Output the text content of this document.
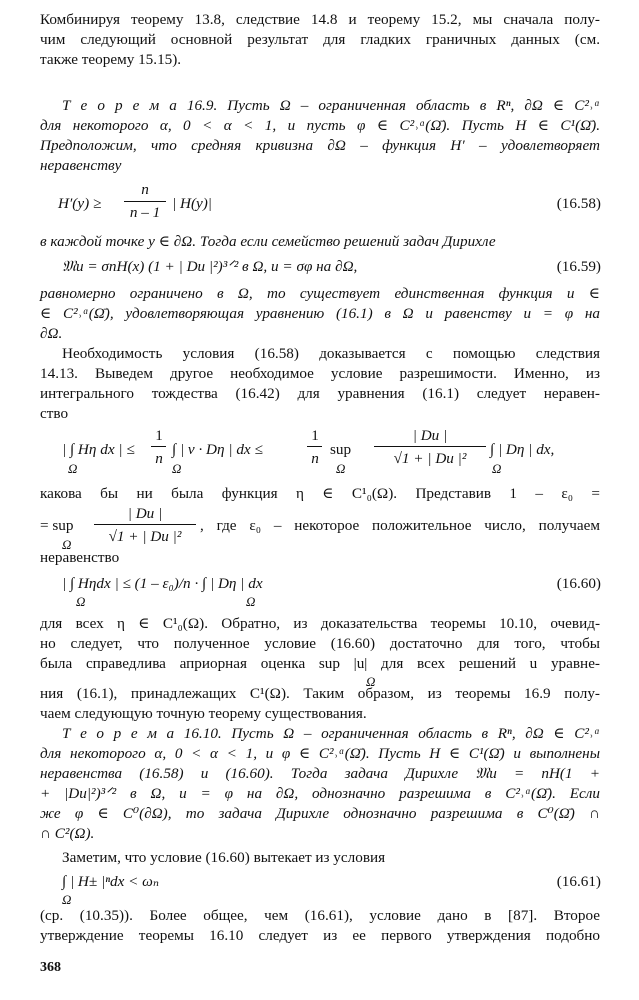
Комбинируя теорему 13.8, следствие 14.8 и теорему 15.2, мы сначала полу-
чим следующий основной результат для гладких граничных данных (см.
также теорему 15.15).
Т е о р е м а 16.9. Пусть Ω – ограниченная область в Rⁿ, ∂Ω ∈ C²˒ᵅ
для некоторого α, 0 < α < 1, и пусть φ ∈ C²˒ᵅ(Ω̄). Пусть H ∈ C¹(Ω̄).
Предположим, что средняя кривизна ∂Ω – функция H′ – удовлетворяет
неравенству
H′(y) ≥
n
n – 1
| H(y)|	(16.58)
в каждой точке y ∈ ∂Ω. Тогда если семейство решений задач Дирихле
𝔐u = σnH(x) (1 + | Du |²)³ᐟ² в Ω, u = σφ на ∂Ω,	(16.59)
равномерно ограничено в Ω, то существует единственная функция u ∈
∈ C²˒ᵅ(Ω̄), удовлетворяющая уравнению (16.1) в Ω и равенству u = φ на
∂Ω.
Необходимость условия (16.58) доказывается с помощью следствия
14.13. Выведем другое необходимое условие разрешимости. Именно, из
интегрального тождества (16.42) для уравнения (16.1) следует нерaвен-
ство
| ∫ Hη dx | ≤
Ω
1
n
Ω
∫ | ν · Dη | dx ≤
1
n
sup
Ω
| Du |
√1 + | Du |²
∫ | Dη | dx,
Ω
какова бы ни была функция η ∈ C¹₀(Ω). Представив 1 – ε₀ =
= sup
Ω
| Du |
√1 + | Du |²
, где ε₀ – некоторое положительное число, получаем
неравенство
| ∫ Hηdx | ≤ (1 – ε₀)/n · ∫ | Dη | dx
Ω	Ω
(16.60)
для всех η ∈ C¹₀(Ω). Обратно, из доказательства теоремы 10.10, очевид-
но следует, что полученное условие (16.60) достаточно для того, чтобы
была справедлива априорная оценка sup |u| для всех решений u уравне-
Ω
ния (16.1), принадлежащих C¹(Ω). Таким образом, из теоремы 16.9 полу-
чаем следующую точную теорему существования.
Т е о р е м а 16.10. Пусть Ω – ограниченная область в Rⁿ, ∂Ω ∈ C²˒ᵅ
для некоторого α, 0 < α < 1, и φ ∈ C²˒ᵅ(Ω̄). Пусть H ∈ C¹(Ω̄) и выполнены
неравенства (16.58) и (16.60). Тогда задача Дирихле 𝔐u = nH(1 +
+ |Du|²)³ᐟ² в Ω, u = φ на ∂Ω, однозначно разрешима в C²˒ᵅ(Ω̄). Если
же φ ∈ C⁰(∂Ω), то задача Дирихле однозначно разрешима в C⁰(Ω̄) ∩
∩ C²(Ω).
Заметим, что условие (16.60) вытекает из условия
∫ | H± |ⁿdx < ωₙ
Ω
(16.61)
(ср. (10.35)). Более общее, чем (16.61), условие дано в [87]. Второе
утверждение теоремы 16.10 следует из ее первого утверждения подобно
368
